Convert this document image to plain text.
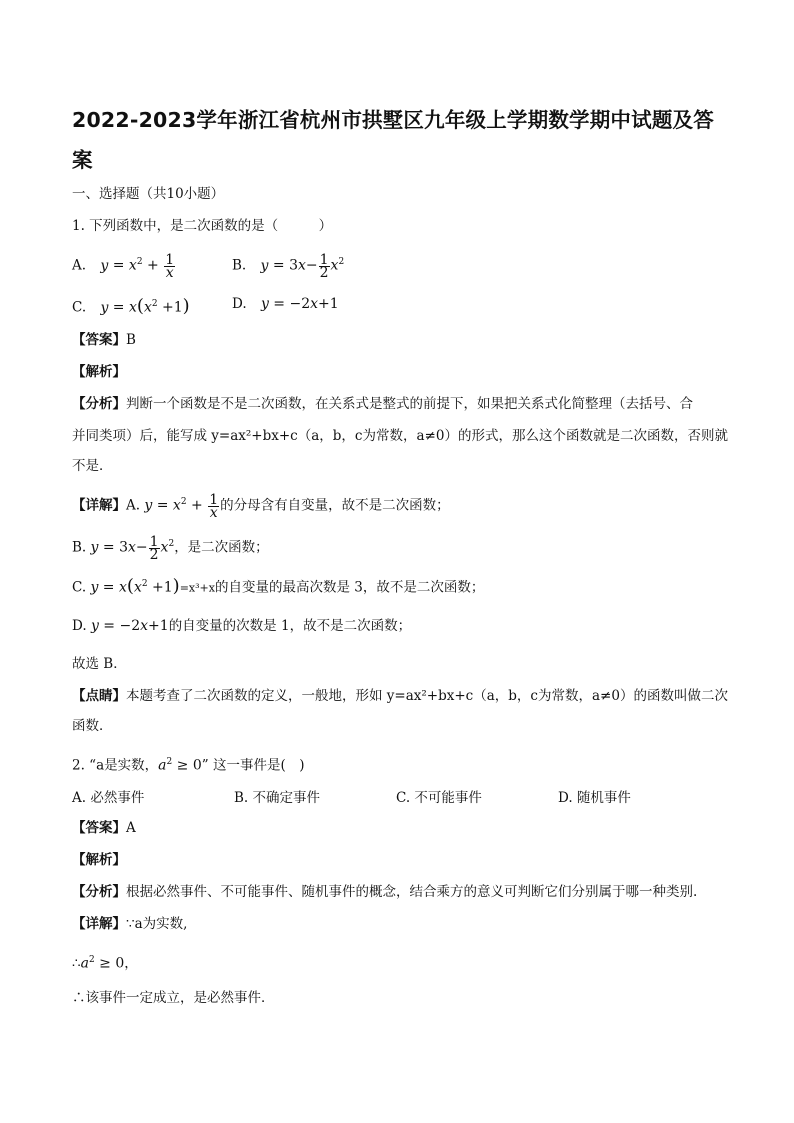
2022-2023学年浙江省杭州市拱墅区九年级上学期数学期中试题及答案
一、选择题（共10小题）
1. 下列函数中，是二次函数的是（　　　）
A. $y = x^2 + \frac{1}{x}$	B. $y = 3x- \frac{1}{2} x^2$
C. $y = x(x^2 +1)$	D. y = −2x+1
【答案】B
【解析】
【分析】判断一个函数是不是二次函数，在关系式是整式的前提下，如果把关系式化简整理（去括号、合
并同类项）后，能写成 y=ax²+bx+c（a，b，c为常数，a≠0）的形式，那么这个函数就是二次函数，否则就
不是．
【详解】A. $y = x^2 + \frac{1}{x}$ 的分母含有自变量，故不是二次函数；
B. $y = 3x- \frac{1}{2} x^2$，是二次函数；
C. $y = x(x^2 +1)=x^3+x$的自变量的最高次数是 3，故不是二次函数；
D. y = −2x+1的自变量的次数是 1，故不是二次函数；
故选 B．
【点睛】本题考查了二次函数的定义，一般地，形如 y=ax²+bx+c（a，b，c为常数，a≠0）的函数叫做二次
函数．
2. “a是实数，$a^2 \ge 0$” 这一事件是(　)
A. 必然事件	B. 不确定事件	C. 不可能事件	D. 随机事件
【答案】A
【解析】
【分析】根据必然事件、不可能事件、随机事件的概念，结合乘方的意义可判断它们分别属于哪一种类别.
【详解】∵a为实数,
$\therefore a^2 \ge 0$，
∴该事件一定成立，是必然事件．
